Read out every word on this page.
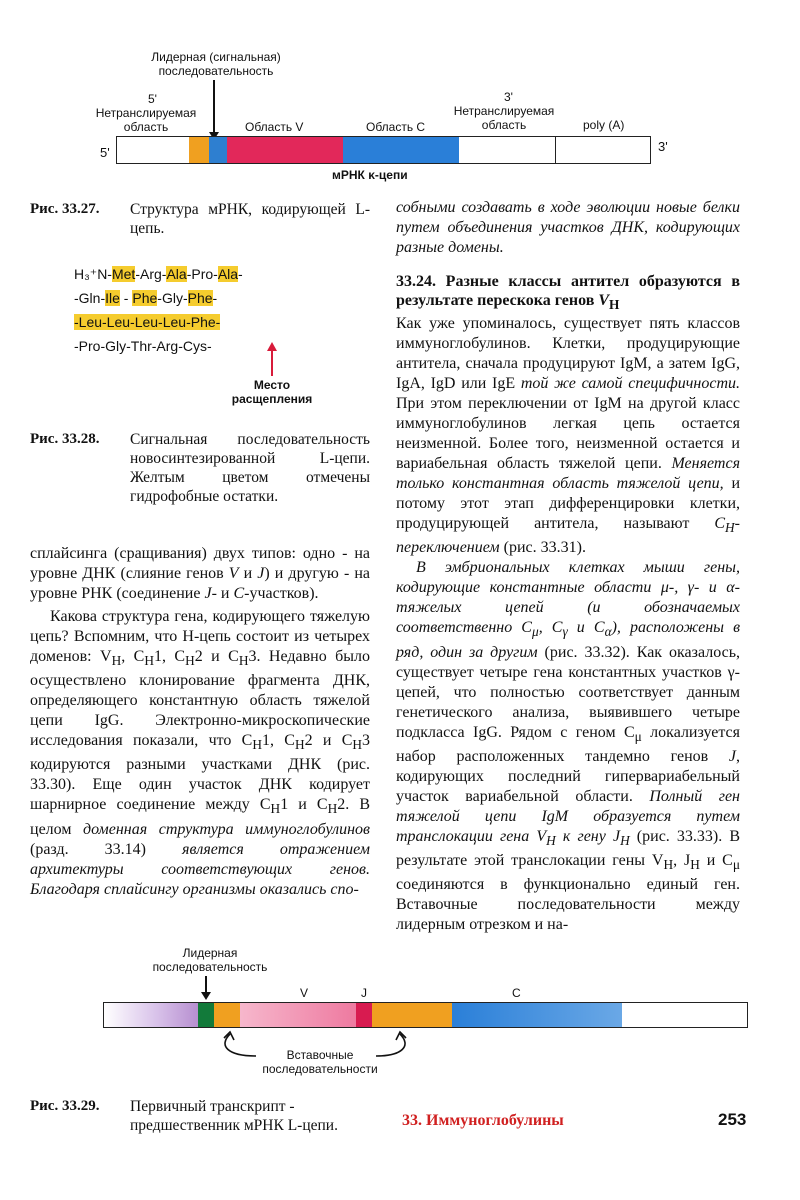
Лидерная (сигнальная)
последовательность
5'
Нетранслируемая
область	Область V	Область C
3'
Нетранслируемая
область	poly (A)
5'	3'
мРНК κ-цепи
Рис. 33.27. Структура мРНК, кодирующей L-цепь.
H₃⁺N-Met-Arg-Ala-Pro-Ala-
-Gln-Ile - Phe-Gly-Phe-
-Leu-Leu-Leu-Leu-Phe-
-Pro-Gly-Thr-Arg-Cys-
Место
расщепления
Рис. 33.28. Сигнальная последовательность новосинтезированной L-цепи. Желтым цветом отмечены гидрофобные остатки.

сплайсинга (сращивания) двух типов: одно - на уровне ДНК (слияние генов V и J) и другую - на уровне РНК (соединение J- и C-участков).

Какова структура гена, кодирующего тяжелую цепь? Вспомним, что H-цепь состоит из четырех доменов: $V_H$, $C_H1$, $C_H2$ и $C_H3$. Недавно было осуществлено клонирование фрагмента ДНК, определяющего константную область тяжелой цепи IgG. Электронно-микроскопические исследования показали, что $C_H1$, $C_H2$ и $C_H3$ кодируются разными участками ДНК (рис. 33.30). Еще один участок ДНК кодирует шарнирное соединение между $C_H1$ и $C_H2$. В целом доменная структура иммуноглобулинов (разд. 33.14) является отражением архитектуры соответствующих генов. Благодаря сплайсингу организмы оказались спо-

собными создавать в ходе эволюции новые белки путем объединения участков ДНК, кодирующих разные домены.

33.24. Разные классы антител образуются в результате перескока генов $V_H$

Как уже упоминалось, существует пять классов иммуноглобулинов. Клетки, продуцирующие антитела, сначала продуцируют IgM, а затем IgG, IgA, IgD или IgE той же самой специфичности. При этом переключении от IgM на другой класс иммуноглобулинов легкая цепь остается неизменной. Более того, неизменной остается и вариабельная область тяжелой цепи. Меняется только константная область тяжелой цепи, и потому этот этап дифференцировки клетки, продуцирующей антитела, называют $C_H$-переключением (рис. 33.31).

В эмбриональных клетках мыши гены, кодирующие константные области μ-, γ- и α-тяжелых цепей (и обозначаемых соответственно $C_\mu$, $C_\gamma$ и $C_\alpha$), расположены в ряд, один за другим (рис. 33.32). Как оказалось, существует четыре гена константных участков γ-цепей, что полностью соответствует данным генетического анализа, выявившего четыре подкласса IgG. Рядом с геном $C_\mu$ локализуется набор расположенных тандемно генов J, кодирующих последний гипервариабельный участок вариабельной области. Полный ген тяжелой цепи IgM образуется путем транслокации гена $V_H$ к гену $J_H$ (рис. 33.33). В результате этой транслокации гены $V_H$, $J_H$ и $C_\mu$ соединяются в функционально единый ген. Вставочные последовательности между лидерным отрезком и на-

Лидерная
последовательность
V	J	C
Вставочные
последовательности
Рис. 33.29. Первичный транскрипт - предшественник мРНК L-цепи.	33. Иммуноглобулины	253
